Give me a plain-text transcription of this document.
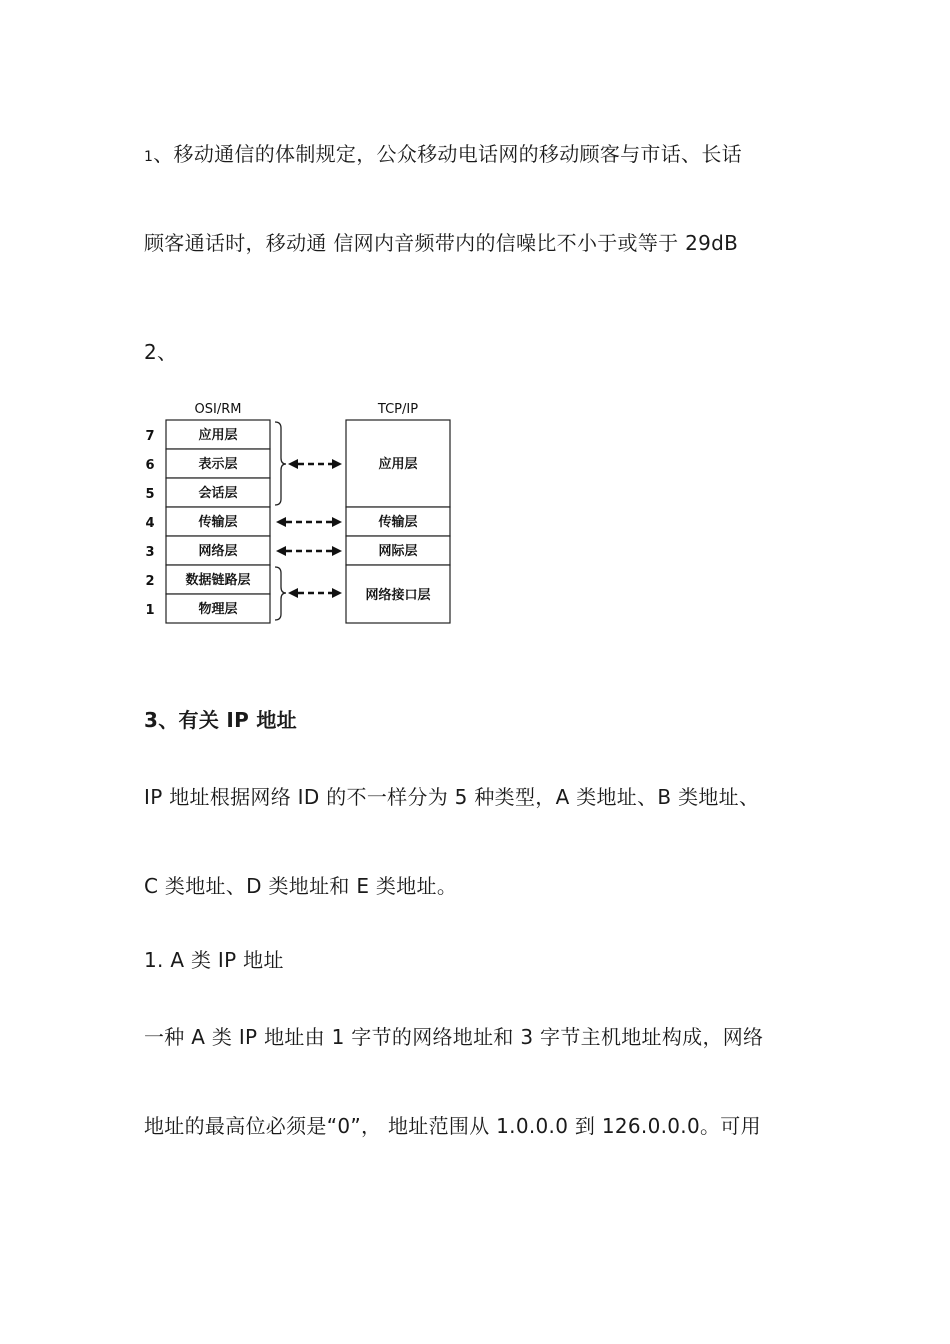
1、移动通信的体制规定，公众移动电话网的移动顾客与市话、长话

顾客通话时，移动通 信网内音频带内的信噪比不小于或等于 29dB

2、

OSI/RM	TCP/IP
应用层
表示层
会话层
传输层
网络层
数据链路层
物理层
7
6
5
4
3
2
1
应用层
传输层
网际层
网络接口层

3、有关 IP 地址

IP 地址根据网络 ID 的不一样分为 5 种类型，A 类地址、B 类地址、

C 类地址、D 类地址和 E 类地址。

1. A 类 IP 地址

一种 A 类 IP 地址由 1 字节的网络地址和 3 字节主机地址构成，网络

地址的最高位必须是“0”， 地址范围从 1.0.0.0 到 126.0.0.0。可用
